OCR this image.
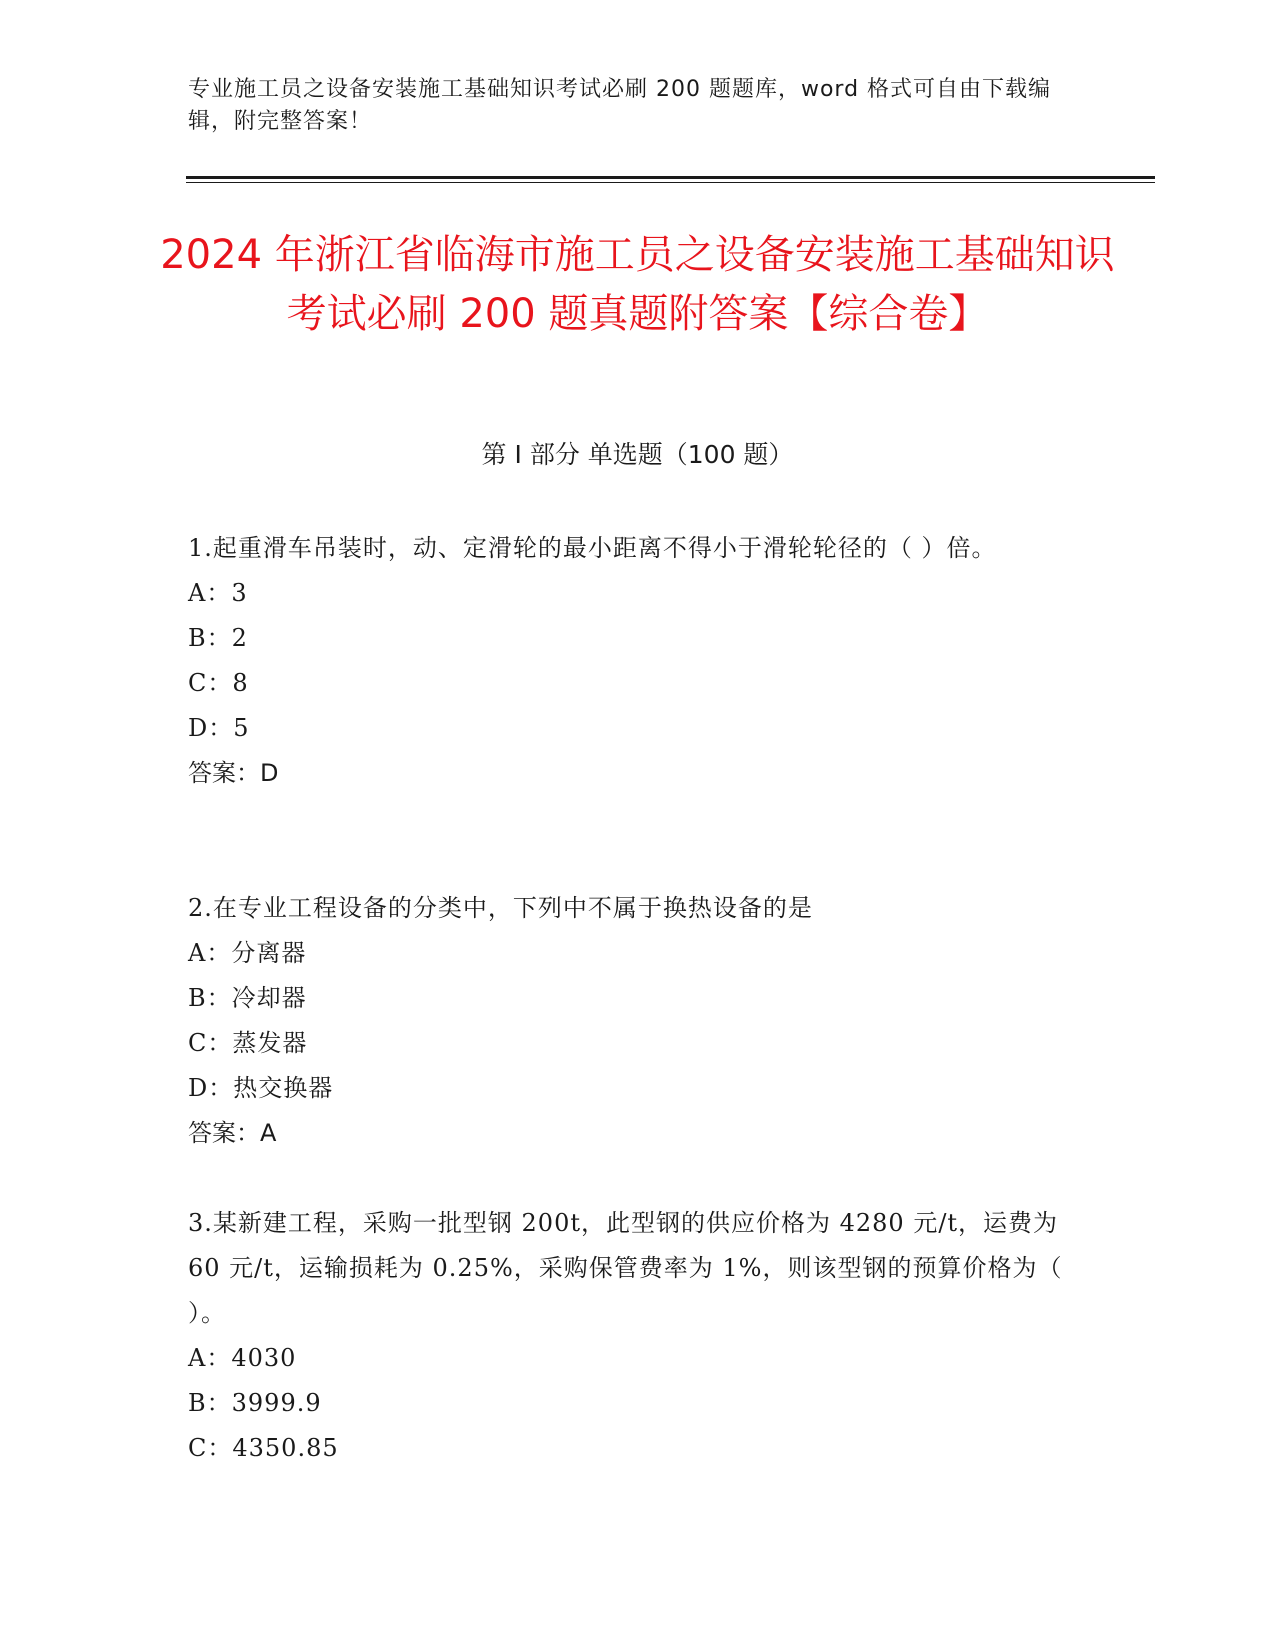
专业施工员之设备安装施工基础知识考试必刷 200 题题库，word 格式可自由下载编辑，附完整答案！
2024 年浙江省临海市施工员之设备安装施工基础知识考试必刷 200 题真题附答案【综合卷】
第 I 部分 单选题（100 题）
1.起重滑车吊装时，动、定滑轮的最小距离不得小于滑轮轮径的（ ）倍。
A：3
B：2
C：8
D：5
答案：D
2.在专业工程设备的分类中，下列中不属于换热设备的是
A：分离器
B：冷却器
C：蒸发器
D：热交换器
答案：A
3.某新建工程，采购一批型钢 200t，此型钢的供应价格为 4280 元/t，运费为 60 元/t，运输损耗为 0.25%，采购保管费率为 1%，则该型钢的预算价格为（ ）。
A：4030
B：3999.9
C：4350.85
